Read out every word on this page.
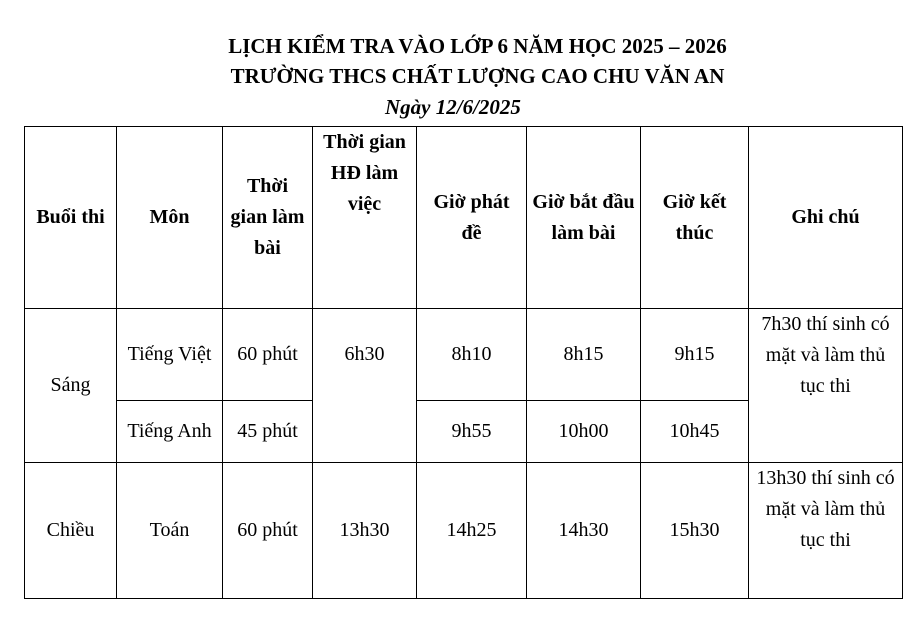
LỊCH KIỂM TRA VÀO LỚP 6 NĂM HỌC 2025 – 2026
TRƯỜNG THCS CHẤT LƯỢNG CAO CHU VĂN AN
Ngày 12/6/2025
Buổi thi	Môn	Thời gian làm bài	Thời gian HĐ làm việc	Giờ phát đề	Giờ bắt đầu làm bài	Giờ kết thúc	Ghi chú
Sáng	Tiếng Việt	60 phút	6h30	8h10	8h15	9h15	7h30 thí sinh có mặt và làm thủ tục thi
	Tiếng Anh	45 phút		9h55	10h00	10h45	
Chiều	Toán	60 phút	13h30	14h25	14h30	15h30	13h30 thí sinh có mặt và làm thủ tục thi
